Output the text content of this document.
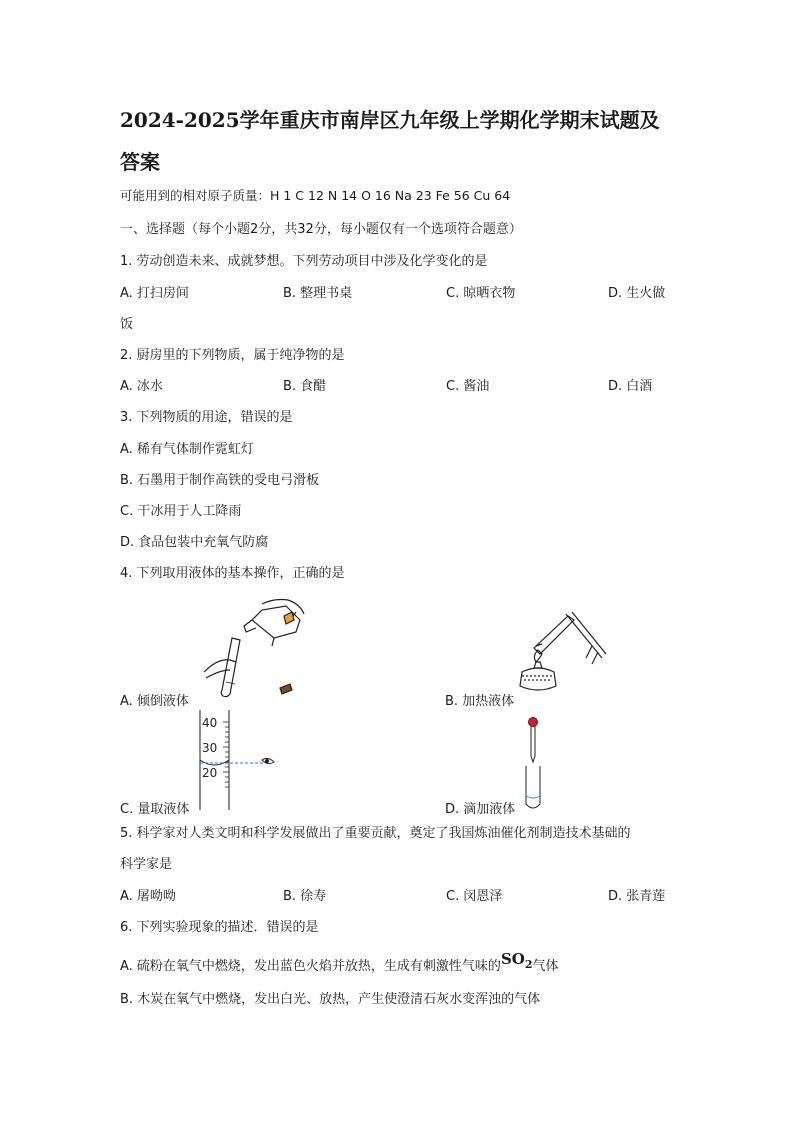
2024-2025学年重庆市南岸区九年级上学期化学期末试题及
答案
可能用到的相对原子质量：H 1 C 12 N 14 O 16 Na 23 Fe 56 Cu 64
一、选择题（每个小题2分，共32分，每小题仅有一个选项符合题意）
1. 劳动创造未来、成就梦想。下列劳动项目中涉及化学变化的是
A. 打扫房间	B. 整理书桌	C. 晾晒衣物	D. 生火做
饭
2. 厨房里的下列物质，属于纯净物的是
A. 冰水	B. 食醋	C. 酱油	D. 白酒
3. 下列物质的用途，错误的是
A. 稀有气体制作霓虹灯
B. 石墨用于制作高铁的受电弓滑板
C. 干冰用于人工降雨
D. 食品包装中充氧气防腐
4. 下列取用液体的基本操作，正确的是
A. 倾倒液体	B. 加热液体
40
30
20
C. 量取液体	D. 滴加液体
5. 科学家对人类文明和科学发展做出了重要贡献，奠定了我国炼油催化剂制造技术基础的
科学家是
A. 屠呦呦	B. 徐寿	C. 闵恩泽	D. 张青莲
6. 下列实验现象的描述．错误的是
A. 硫粉在氧气中燃烧，发出蓝色火焰并放热，生成有刺激性气味的$SO_2$气体
B. 木炭在氧气中燃烧，发出白光、放热，产生使澄清石灰水变浑浊的气体
